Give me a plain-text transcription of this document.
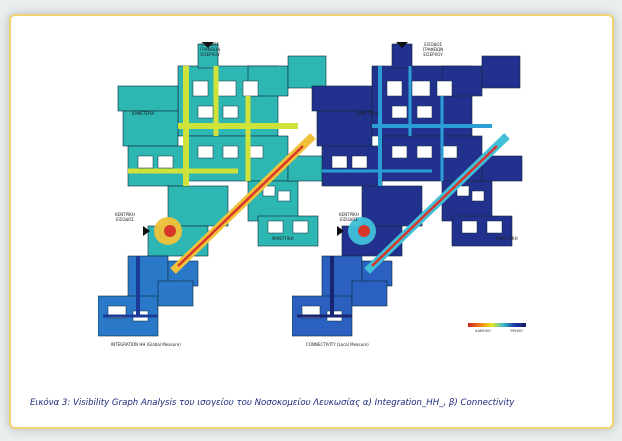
ΕΙΣΟΔΟΣ
ΓΡΑΦΕΙΩΝ
ΕΙΣΕΡΧΟΥ
ΚΕΝΤΡΙΚΗ
ΕΙΣΟΔΟΣ
ΚΑΦΕΤΕΡΙΑ
ΜΑΙΕΥΤΙΚΗ
INTEGRATION HH (Global Measure)
ΕΙΣΟΔΟΣ
ΓΡΑΦΕΙΩΝ
ΕΙΣΕΡΧΟΥ
ΚΕΝΤΡΙΚΗ
ΕΙΣΟΔΟΣ
ΚΑΦΕΤΕΡΙΑ
ΜΑΙΕΥΤΙΚΗ
CONNECTIVITY (Local Measure)
ΧΑΜΗΛΟ	ΥΨΗΛΟ
Εικόνα 3: Visibility Graph Analysis του ισογείου του Νοσοκομείου Λευκωσίας α) Integration_HH_, β) Connectivity
